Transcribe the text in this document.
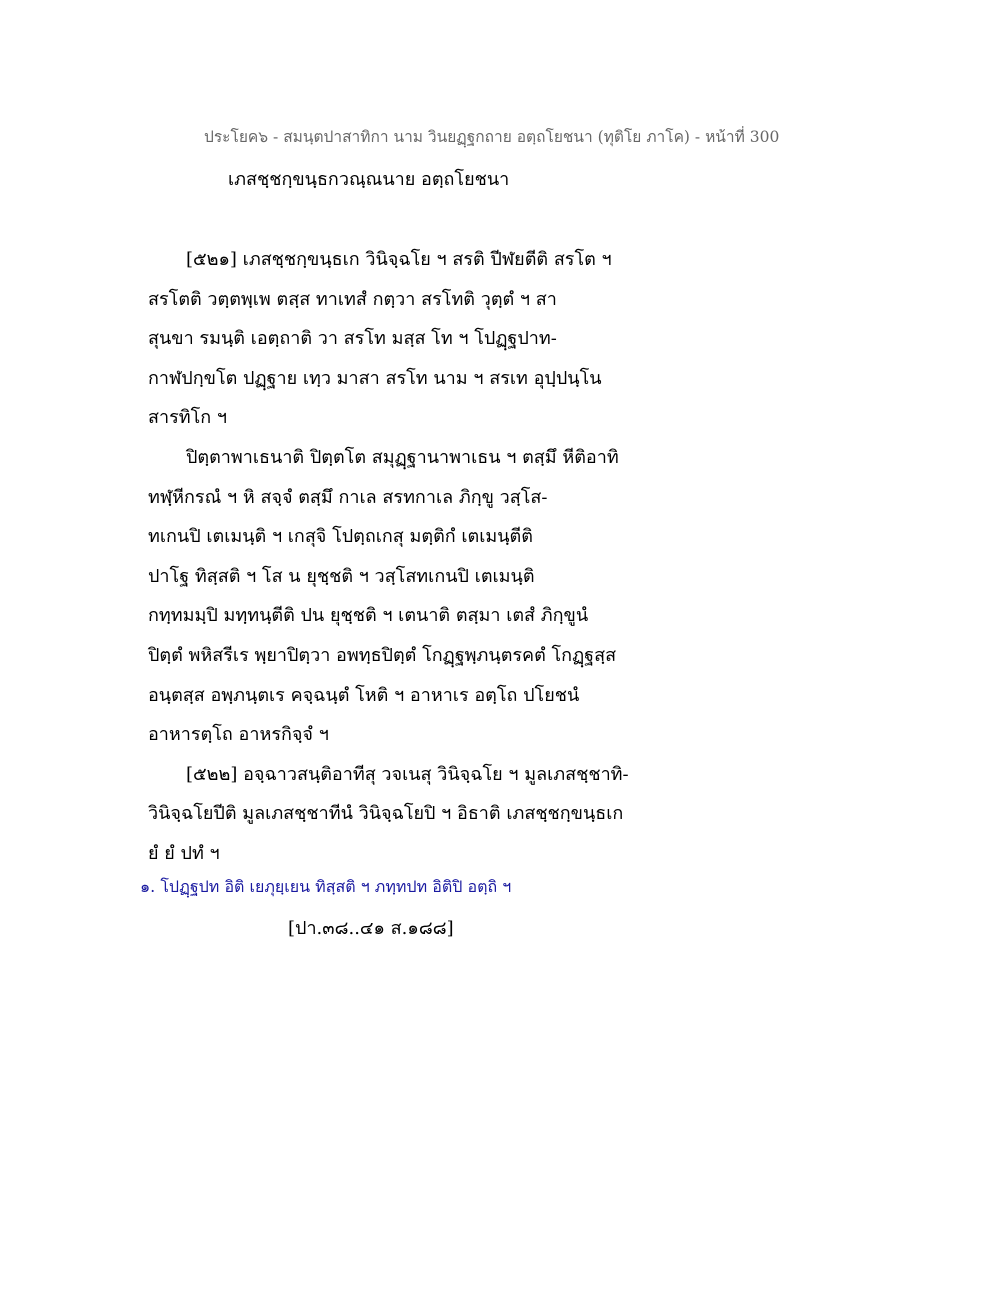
ประโยค๖ - สมนฺตปาสาทิกา นาม วินยฏฺฐกถาย อตฺถโยชนา (ทุติโย ภาโค) - หน้าที่ 300
เภสชฺชกฺขนฺธกวณฺณนาย อตฺถโยชนา
[๕๒๑] เภสชฺชกฺขนฺธเก วินิจฺฉโย ฯ สรติ ปีฬยตีติ สรโต ฯ
สรโตติ วตฺตพฺเพ ตสฺส ทาเทสํ กตฺวา สรโทติ วุตฺตํ ฯ สา
สุนขา รมนฺติ เอตฺถาติ วา สรโท มสฺส โท ฯ โปฏฺฐปาท-
กาฬปกฺขโต ปฏฺฐาย เทฺว มาสา สรโท นาม ฯ สรเท อุปฺปนฺโน
สารทิโก ฯ
ปิตฺตาพาเธนาติ ปิตฺตโต สมุฏฺฐานาพาเธน ฯ ตสฺมึ หีติอาทิ
ทฬฺหีกรณํ ฯ หิ สจฺจํ ตสฺมึ กาเล สรทกาเล ภิกฺขู วสฺโส-
ทเกนปิ เตเมนฺติ ฯ เกสุจิ โปตฺถเกสุ มตฺติกํ เตเมนฺตีติ
ปาโฐ ทิสฺสติ ฯ โส น ยุชฺชติ ฯ วสฺโสทเกนปิ เตเมนฺติ
กทฺทมมฺปิ มทฺทนฺตีติ ปน ยุชฺชติ ฯ เตนาติ ตสฺมา เตสํ ภิกฺขูนํ
ปิตฺตํ พหิสรีเร พฺยาปิตฺวา อพทฺธปิตฺตํ โกฏฺฐพฺภนฺตรคตํ โกฏฺฐสฺส
อนฺตสฺส อพฺภนฺตเร คจฺฉนฺตํ โหติ ฯ อาหาเร อตฺโถ ปโยชนํ
อาหารตฺโถ อาหรกิจฺจํ ฯ
[๕๒๒] อจฺฉาวสนฺติอาทีสุ วจเนสุ วินิจฺฉโย ฯ มูลเภสชฺชาทิ-
วินิจฺฉโยปีติ มูลเภสชฺชาทีนํ วินิจฺฉโยปิ ฯ อิธาติ เภสชฺชกฺขนฺธเก
ยํ ยํ ปทํ ฯ
๑. โปฏฺฐปท อิติ เยภุยฺเยน ทิสฺสติ ฯ ภทฺทปท อิติปิ อตฺถิ ฯ
[ปา.๓๘..๔๑ ส.๑๘๘]
